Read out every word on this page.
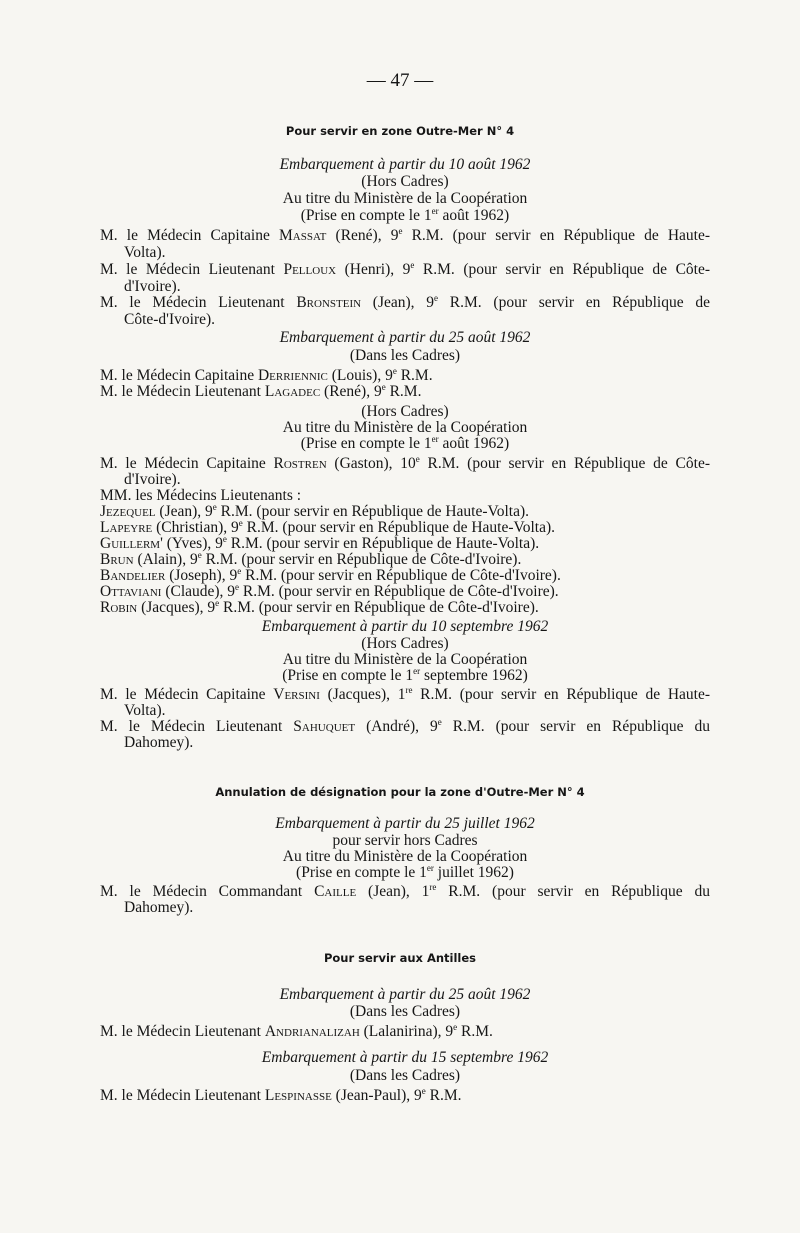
— 47 —
Pour servir en zone Outre-Mer N° 4
Embarquement à partir du 10 août 1962
(Hors Cadres)
Au titre du Ministère de la Coopération
(Prise en compte le 1er août 1962)
M. le Médecin Capitaine Massat (René), 9e R.M. (pour servir en République de Haute-
Volta).
M. le Médecin Lieutenant Pelloux (Henri), 9e R.M. (pour servir en République de Côte-
d'Ivoire).
M. le Médecin Lieutenant Bronstein (Jean), 9e R.M. (pour servir en République de
Côte-d'Ivoire).
Embarquement à partir du 25 août 1962
(Dans les Cadres)
M. le Médecin Capitaine Derriennic (Louis), 9e R.M.
M. le Médecin Lieutenant Lagadec (René), 9e R.M.
(Hors Cadres)
Au titre du Ministère de la Coopération
(Prise en compte le 1er août 1962)
M. le Médecin Capitaine Rostren (Gaston), 10e R.M. (pour servir en République de Côte-
d'Ivoire).
MM. les Médecins Lieutenants :
Jezequel (Jean), 9e R.M. (pour servir en République de Haute-Volta).
Lapeyre (Christian), 9e R.M. (pour servir en République de Haute-Volta).
Guillerm' (Yves), 9e R.M. (pour servir en République de Haute-Volta).
Brun (Alain), 9e R.M. (pour servir en République de Côte-d'Ivoire).
Bandelier (Joseph), 9e R.M. (pour servir en République de Côte-d'Ivoire).
Ottaviani (Claude), 9e R.M. (pour servir en République de Côte-d'Ivoire).
Robin (Jacques), 9e R.M. (pour servir en République de Côte-d'Ivoire).
Embarquement à partir du 10 septembre 1962
(Hors Cadres)
Au titre du Ministère de la Coopération
(Prise en compte le 1er septembre 1962)
M. le Médecin Capitaine Versini (Jacques), 1re R.M. (pour servir en République de Haute-
Volta).
M. le Médecin Lieutenant Sahuquet (André), 9e R.M. (pour servir en République du
Dahomey).
Annulation de désignation pour la zone d'Outre-Mer N° 4
Embarquement à partir du 25 juillet 1962
pour servir hors Cadres
Au titre du Ministère de la Coopération
(Prise en compte le 1er juillet 1962)
M. le Médecin Commandant Caille (Jean), 1re R.M. (pour servir en République du
Dahomey).
Pour servir aux Antilles
Embarquement à partir du 25 août 1962
(Dans les Cadres)
M. le Médecin Lieutenant Andrianalizah (Lalanirina), 9e R.M.
Embarquement à partir du 15 septembre 1962
(Dans les Cadres)
M. le Médecin Lieutenant Lespinasse (Jean-Paul), 9e R.M.
